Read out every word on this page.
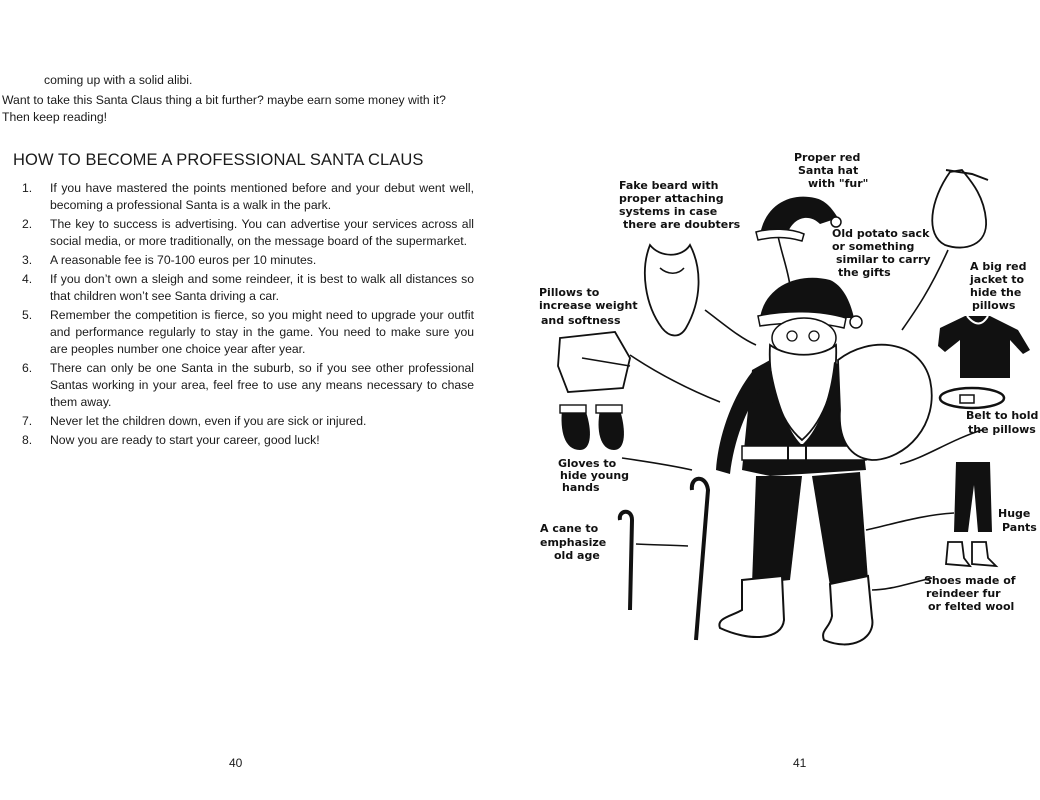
coming up with a solid alibi.

Want to take this Santa Claus thing a bit further? maybe earn some money with it? Then keep reading!

HOW TO BECOME A PROFESSIONAL SANTA CLAUS
1.	If you have mastered the points mentioned before and your debut went well, becoming a professional Santa is a walk in the park.
2.	The key to success is advertising. You can advertise your services across all social media, or more traditionally, on the message board of the supermarket.
3.	A reasonable fee is 70-100 euros per 10 minutes.
4.	If you don’t own a sleigh and some reindeer, it is best to walk all distances so that children won’t see Santa driving a car.
5.	Remember the competition is fierce, so you might need to upgrade your outfit and performance regularly to stay in the game. You need to make sure you are peoples number one choice year after year.
6.	There can only be one Santa in the suburb, so if you see other professional Santas working in your area, feel free to use any means necessary to chase them away.
7.	Never let the children down, even if you are sick or injured.
8.	Now you are ready to start your career, good luck!
40
Fake beard with proper attaching systems in case there are doubters
Proper red Santa hat with "fur"
Old potato sack or something similar to carry the gifts	A big red jacket to hide the pillows
Pillows to increase weight and softness
Belt to hold the pillows
Gloves to hide young hands
Huge Pants
A cane to emphasize old age
Shoes made of reindeer fur or felted wool
41
